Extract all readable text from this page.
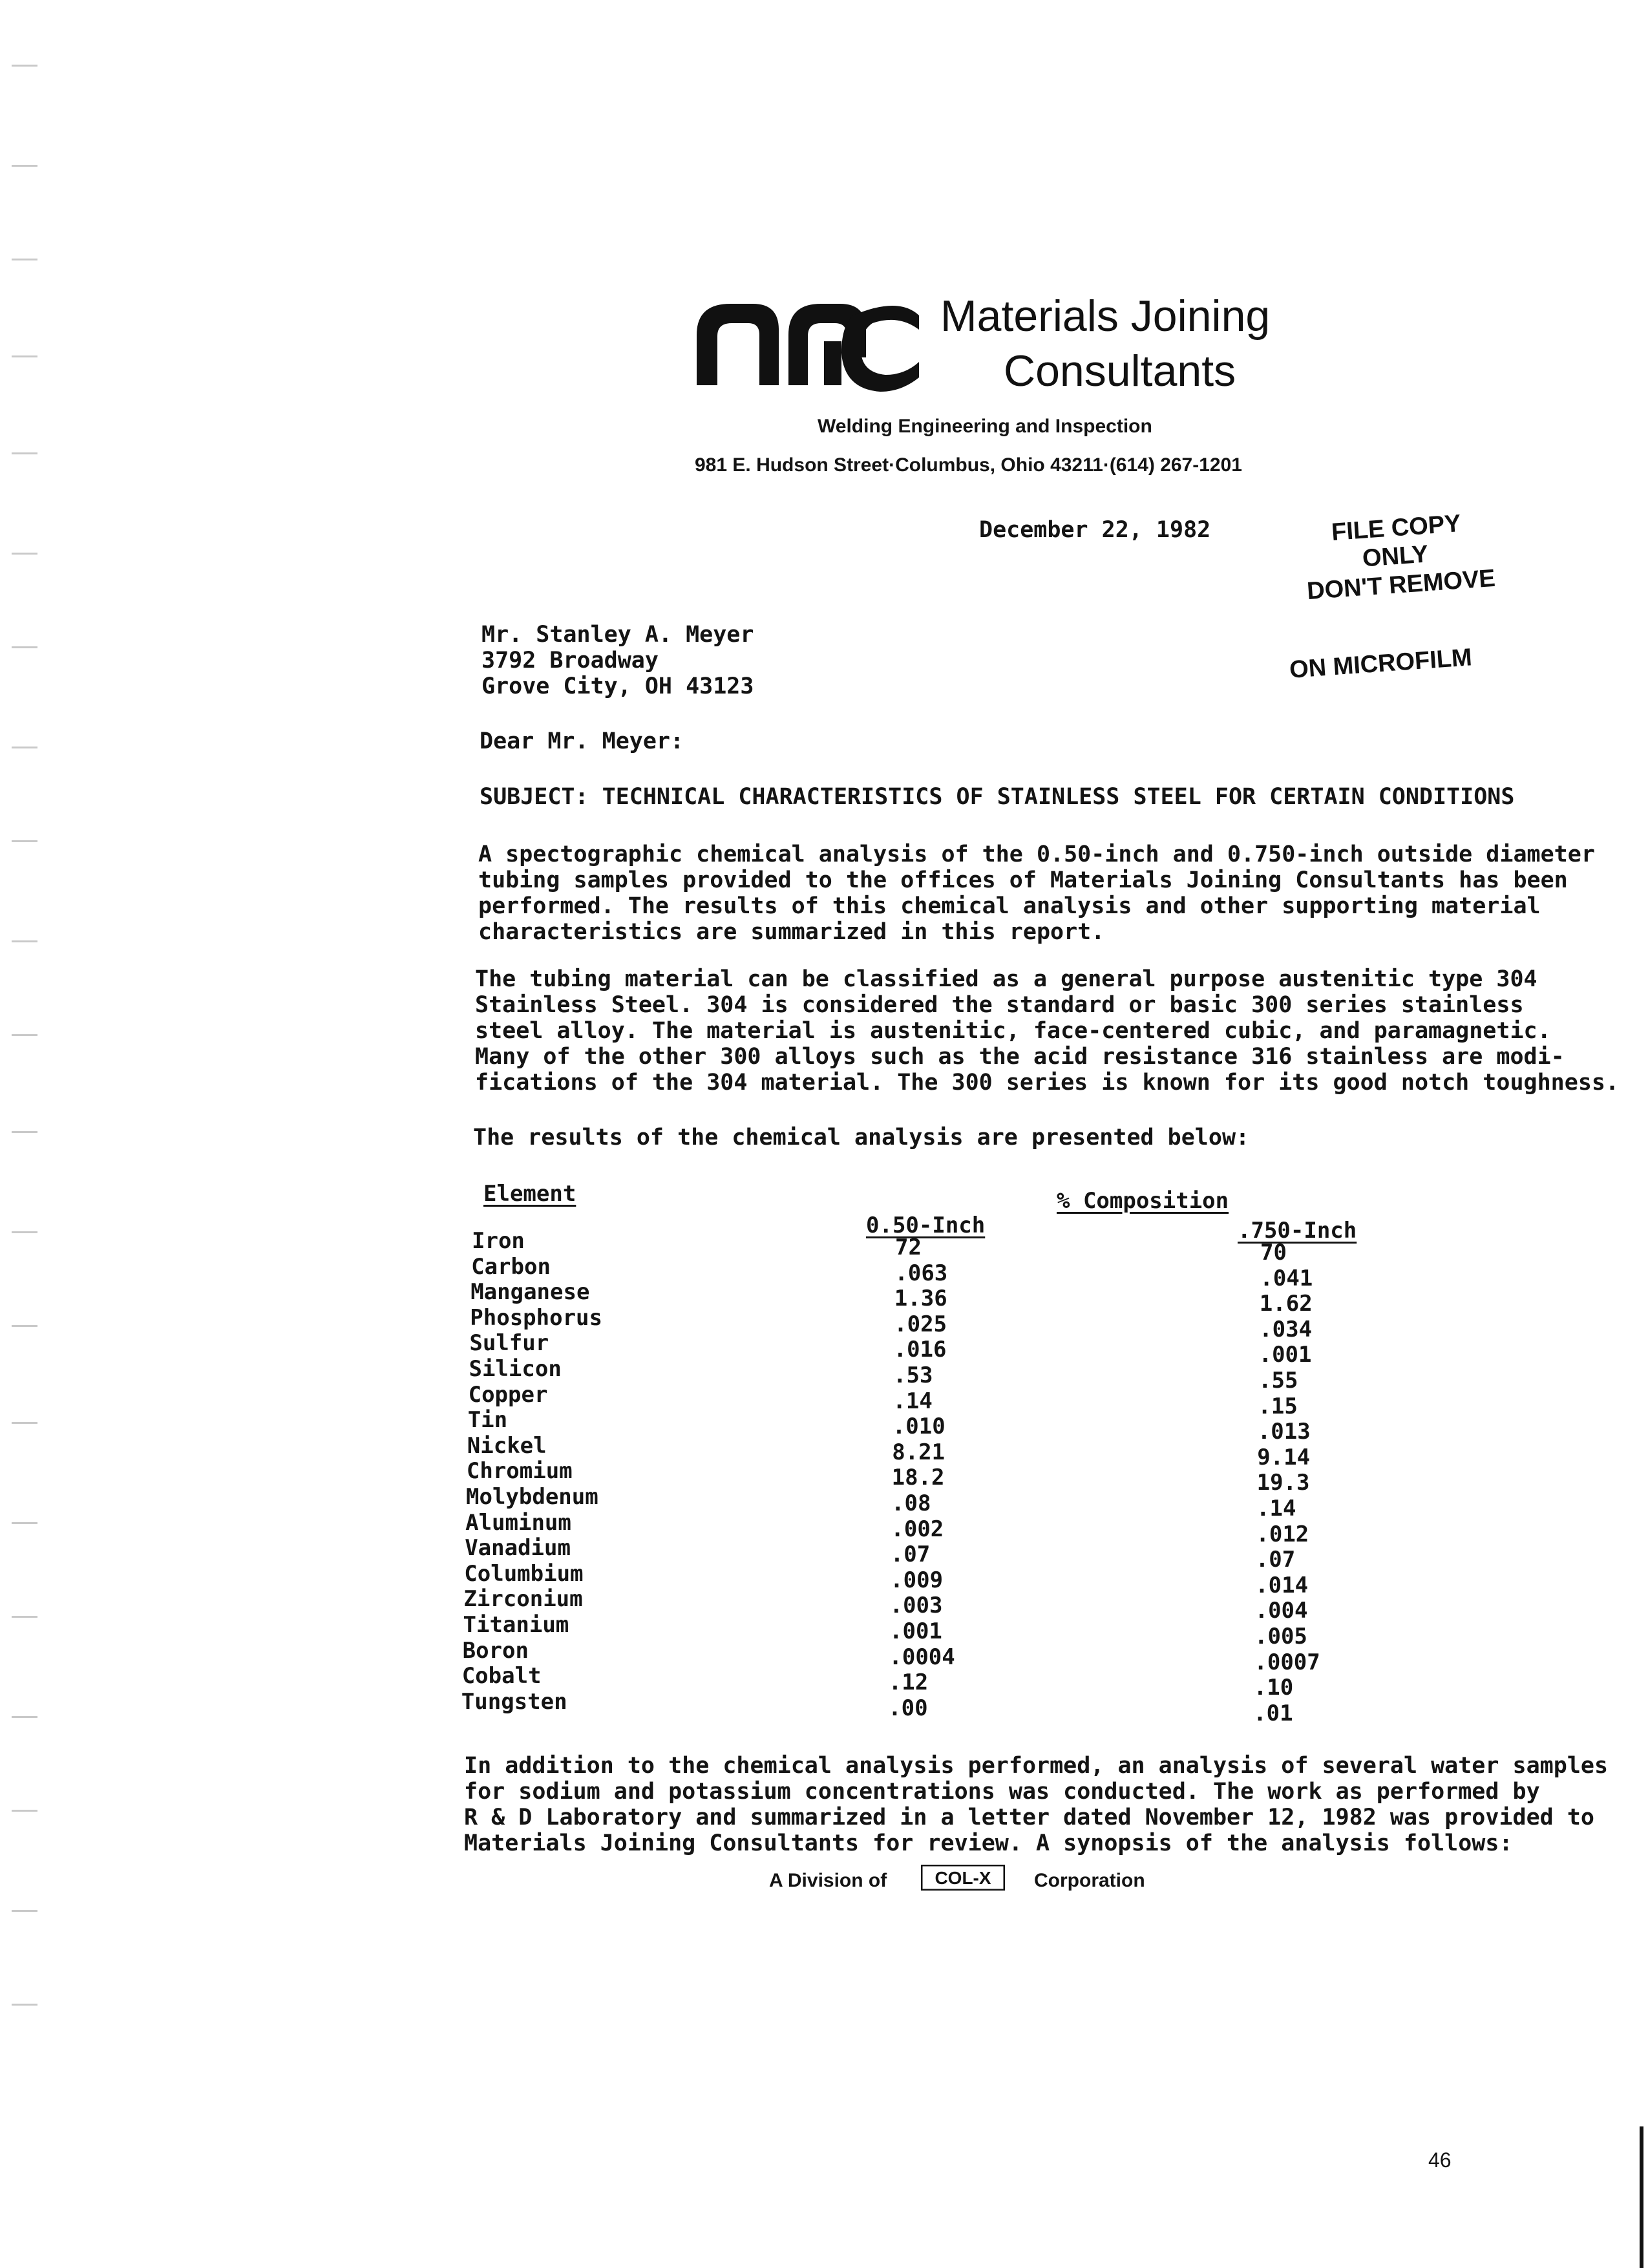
Materials Joining
Consultants
Welding Engineering and Inspection
981 E. Hudson Street·Columbus, Ohio 43211·(614) 267-1201
December 22, 1982	FILE COPY
ONLY
DON'T REMOVE
ON MICROFILM
Mr. Stanley A. Meyer
3792 Broadway
Grove City, OH 43123
Dear Mr. Meyer:
SUBJECT: TECHNICAL CHARACTERISTICS OF STAINLESS STEEL FOR CERTAIN CONDITIONS
A spectographic chemical analysis of the 0.50-inch and 0.750-inch outside diameter
tubing samples provided to the offices of Materials Joining Consultants has been
performed. The results of this chemical analysis and other supporting material
characteristics are summarized in this report.
The tubing material can be classified as a general purpose austenitic type 304
Stainless Steel. 304 is considered the standard or basic 300 series stainless
steel alloy. The material is austenitic, face-centered cubic, and paramagnetic.
Many of the other 300 alloys such as the acid resistance 316 stainless are modi-
fications of the 304 material. The 300 series is known for its good notch toughness.
The results of the chemical analysis are presented below:
Element	% Composition
0.50-Inch	.750-Inch
Iron	72	70
Carbon	.063	.041
Manganese	1.36	1.62
Phosphorus	.025	.034
Sulfur	.016	.001
Silicon	.53	.55
Copper	.14	.15
Tin	.010	.013
Nickel	8.21	9.14
Chromium	18.2	19.3
Molybdenum	.08	.14
Aluminum	.002	.012
Vanadium	.07	.07
Columbium	.009	.014
Zirconium	.003	.004
Titanium	.001	.005
Boron	.0004	.0007
Cobalt	.12	.10
Tungsten	.00	.01
In addition to the chemical analysis performed, an analysis of several water samples
for sodium and potassium concentrations was conducted. The work as performed by
R & D Laboratory and summarized in a letter dated November 12, 1982 was provided to
Materials Joining Consultants for review. A synopsis of the analysis follows:
A Division of	COL-X Corporation
46
